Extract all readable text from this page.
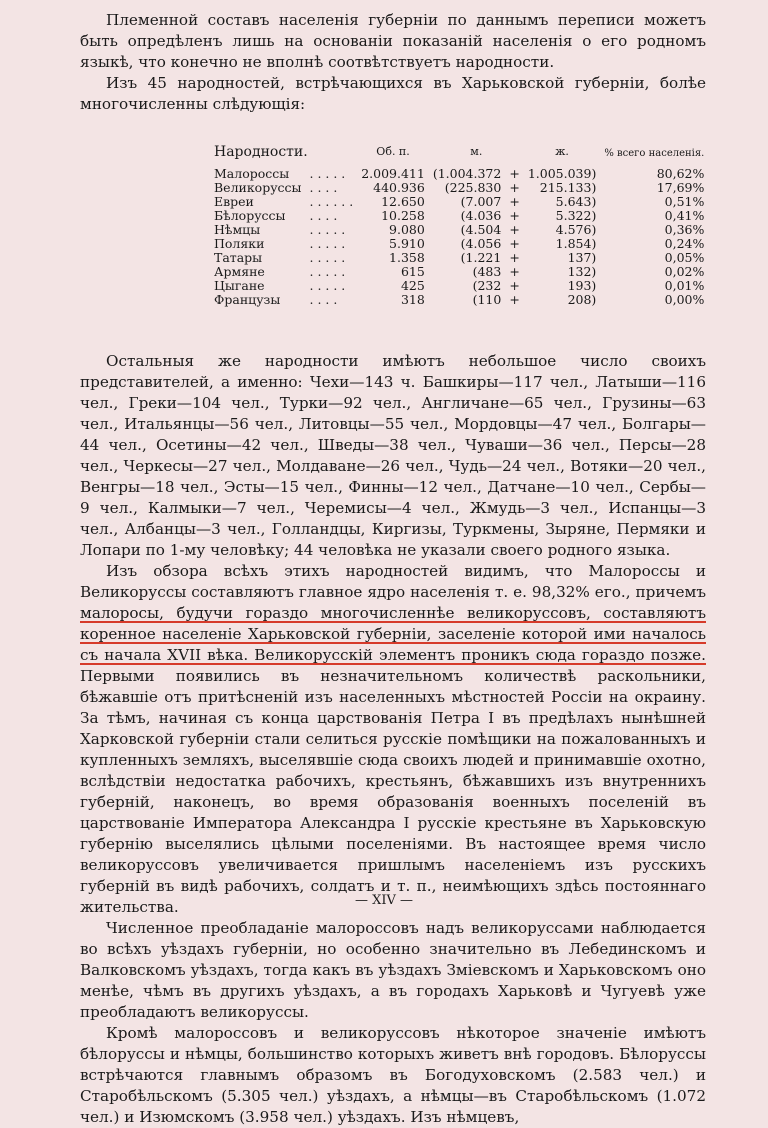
Племенной составъ населенія губерніи по даннымъ переписи можетъ быть опредѣленъ лишь на основаніи показаній населенія о его родномъ языкѣ, что конечно не вполнѣ соотвѣтствуетъ народности.

Изъ 45 народностей, встрѣчающихся въ Харьковской губерніи, болѣе многочисленны слѣдующія:

Народности.		Об. п.	м.		ж.	% всего населенія.
Малороссы	. . . . .	2.009.411	(1.004.372	+	1.005.039)	80,62%
Великоруссы	. . . .	440.936	(225.830	+	215.133)	17,69%
Евреи	. . . . . .	12.650	(7.007	+	5.643)	0,51%
Бѣлоруссы	. . . .	10.258	(4.036	+	5.322)	0,41%
Нѣмцы	. . . . .	9.080	(4.504	+	4.576)	0,36%
Поляки	. . . . .	5.910	(4.056	+	1.854)	0,24%
Татары	. . . . .	1.358	(1.221	+	137)	0,05%
Армяне	. . . . .	615	(483	+	132)	0,02%
Цыгане	. . . . .	425	(232	+	193)	0,01%
Французы	. . . .	318	(110	+	208)	0,00%

Остальныя же народности имѣютъ небольшое число своихъ представителей, а именно: Чехи—143 ч. Башкиры—117 чел., Латыши—116 чел., Греки—104 чел., Турки—92 чел., Англичане—65 чел., Грузины—63 чел., Итальянцы—56 чел., Литовцы—55 чел., Мордовцы—47 чел., Болгары—44 чел., Осетины—42 чел., Шведы—38 чел., Чуваши—36 чел., Персы—28 чел., Черкесы—27 чел., Молдаване—26 чел., Чудь—24 чел., Вотяки—20 чел., Венгры—18 чел., Эсты—15 чел., Финны—12 чел., Датчане—10 чел., Сербы—9 чел., Калмыки—7 чел., Черемисы—4 чел., Жмудь—3 чел., Испанцы—3 чел., Албанцы—3 чел., Голландцы, Киргизы, Туркмены, Зыряне, Пермяки и Лопари по 1-му человѣку; 44 человѣка не указали своего родного языка.

Изъ обзора всѣхъ этихъ народностей видимъ, что Малороссы и Великоруссы составляютъ главное ядро населенія т. е. 98,32% его., причемъ малоросы, будучи гораздо многочисленнѣе великоруссовъ, составляютъ коренное населеніе Харьковской губерніи, заселеніе которой ими началось съ начала XVII вѣка. Великорусскій элементъ проникъ сюда гораздо позже. Первыми появились въ незначительномъ количествѣ раскольники, бѣжавшіе отъ притѣсненій изъ населенныхъ мѣстностей Россіи на окраину. За тѣмъ, начиная съ конца царствованія Петра I въ предѣлахъ нынѣшней Харковской губерніи стали селиться русскіе помѣщики на пожалованныхъ и купленныхъ земляхъ, выселявшіе сюда своихъ людей и принимавшіе охотно, вслѣдствіи недостатка рабочихъ, крестьянъ, бѣжавшихъ изъ внутреннихъ губерній, наконецъ, во время образованія военныхъ поселеній въ царствованіе Императора Александра I русскіе крестьяне въ Харьковскую губернію выселялись цѣлыми поселеніями. Въ настоящее время число великоруссовъ увеличивается пришлымъ населеніемъ изъ русскихъ губерній въ видѣ рабочихъ, солдатъ и т. п., неимѣющихъ здѣсь постояннаго жительства.

Численное преобладаніе малороссовъ надъ великоруссами наблюдается во всѣхъ уѣздахъ губерніи, но особенно значительно въ Лебединскомъ и Валковскомъ уѣздахъ, тогда какъ въ уѣздахъ Зміевскомъ и Харьковскомъ оно менѣе, чѣмъ въ другихъ уѣздахъ, а въ городахъ Харьковѣ и Чугуевѣ уже преобладаютъ великоруссы.

Кромѣ малороссовъ и великоруссовъ нѣкоторое значеніе имѣютъ бѣлоруссы и нѣмцы, большинство которыхъ живетъ внѣ городовъ. Бѣлоруссы встрѣчаются главнымъ образомъ въ Богодуховскомъ (2.583 чел.) и Старобѣльскомъ (5.305 чел.) уѣздахъ, а нѣмцы—въ Старобѣльскомъ (1.072 чел.) и Изюмскомъ (3.958 чел.) уѣздахъ. Изъ нѣмцевъ,

— XIV —
